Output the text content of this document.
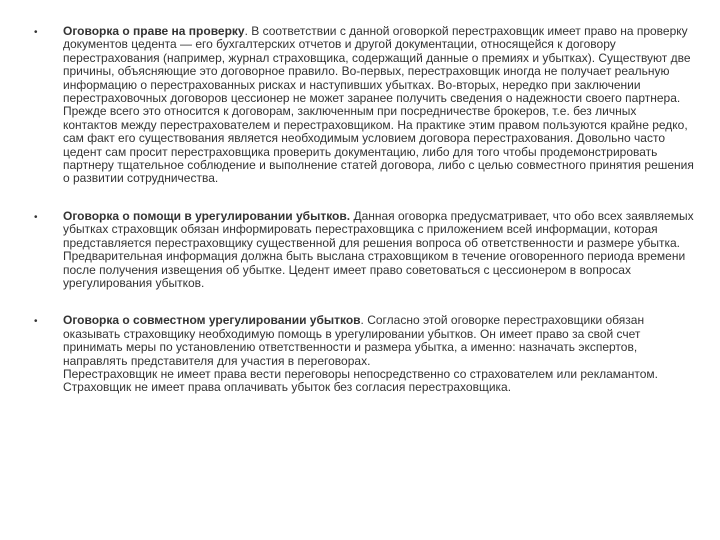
•	Оговорка о праве на проверку. В соответствии с данной оговоркой перестраховщик имеет право на проверку документов цедента — его бухгалтерских отчетов и другой документации, относящейся к договору перестрахования (например, журнал страховщика, содержащий данные о премиях и убытках). Существуют две причины, объясняющие это договорное правило. Во-первых, перестраховщик иногда не получает реальную информацию о перестрахованных рисках и наступивших убытках. Во-вторых, нередко при заключении перестраховочных договоров цессионер не может заранее получить сведения о надежности своего партнера. Прежде всего это относится к договорам, заключенным при посредничестве брокеров, т.е. без личных контактов между перестрахователем и перестраховщиком. На практике этим правом пользуются крайне редко, сам факт его существования является необходимым условием договора перестрахования. Довольно часто цедент сам просит перестраховщика проверить документацию, либо для того чтобы продемонстрировать партнеру тщательное соблюдение и выполнение статей договора, либо с целью совместного принятия решения о развитии сотрудничества.

•	Оговорка о помощи в урегулировании убытков. Данная оговорка предусматривает, что обо всех заявляемых убытках страховщик обязан информировать перестраховщика с приложением всей информации, которая представляется перестраховщику существенной для решения вопроса об ответственности и размере убытка. Предварительная информация должна быть выслана страховщиком в течение оговоренного периода времени после получения извещения об убытке. Цедент имеет право советоваться с цессионером в вопросах урегулирования убытков.

•	Оговорка о совместном урегулировании убытков. Согласно этой оговорке перестраховщики обязан оказывать страховщику необходимую помощь в урегулировании убытков. Он имеет право за свой счет принимать меры по установлению ответственности и размера убытка, а именно: назначать экспертов, направлять представителя для участия в переговорах.

Перестраховщик не имеет права вести переговоры непосредственно со страхователем или рекламантом. Страховщик не имеет права оплачивать убыток без согласия перестраховщика.
